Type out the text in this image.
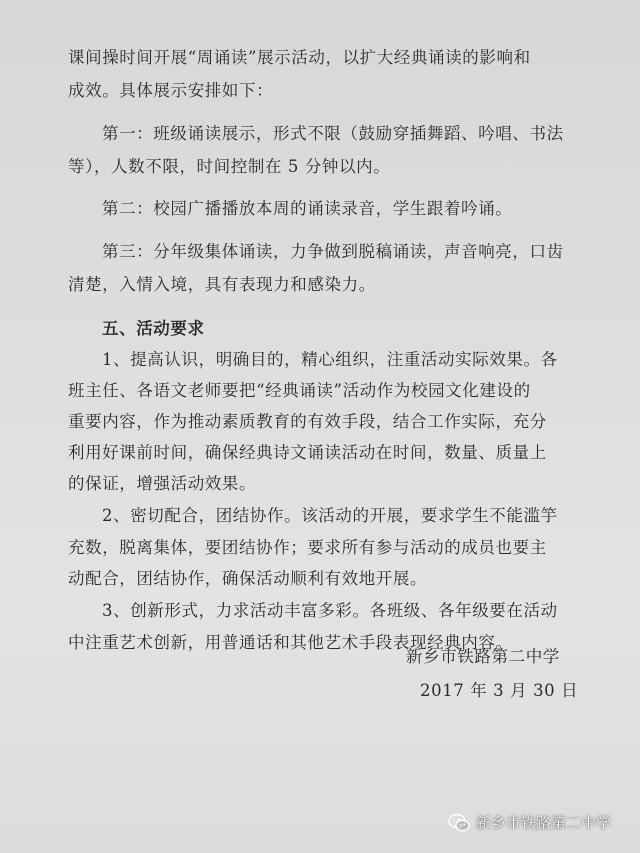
课间操时间开展“周诵读”展示活动，以扩大经典诵读的影响和
成效。具体展示安排如下：
第一：班级诵读展示，形式不限（鼓励穿插舞蹈、吟唱、书法
等），人数不限，时间控制在 5 分钟以内。
第二：校园广播播放本周的诵读录音，学生跟着吟诵。
第三：分年级集体诵读，力争做到脱稿诵读，声音响亮，口齿
清楚，入情入境，具有表现力和感染力。
五、活动要求
1、提高认识，明确目的，精心组织，注重活动实际效果。各
班主任、各语文老师要把“经典诵读”活动作为校园文化建设的
重要内容，作为推动素质教育的有效手段，结合工作实际，充分
利用好课前时间，确保经典诗文诵读活动在时间，数量、质量上
的保证，增强活动效果。
2、密切配合，团结协作。该活动的开展，要求学生不能滥竽
充数，脱离集体，要团结协作；要求所有参与活动的成员也要主
动配合，团结协作，确保活动顺利有效地开展。
3、创新形式，力求活动丰富多彩。各班级、各年级要在活动
中注重艺术创新，用普通话和其他艺术手段表现经典内容。
新乡市铁路第二中学
2017 年 3 月 30 日
新乡市铁路第二中学
